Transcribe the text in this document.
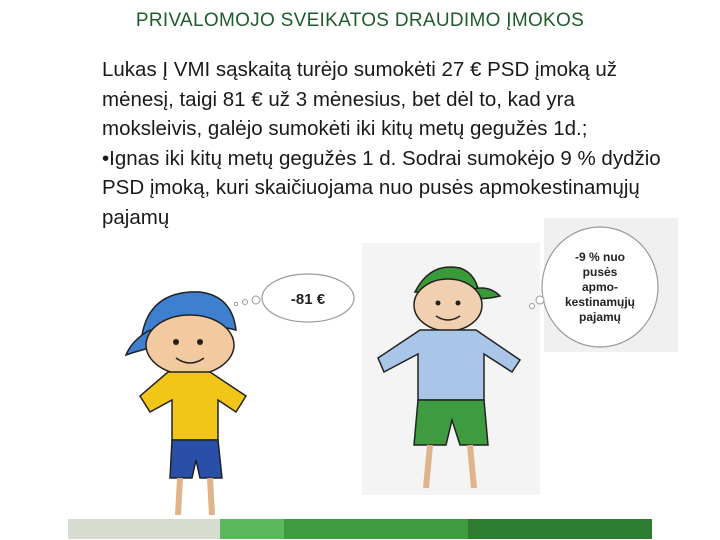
PRIVALOMOJO SVEIKATOS DRAUDIMO ĮMOKOS

Lukas Į VMI sąskaitą turėjo sumokėti 27 € PSD įmoką už mėnesį, taigi 81 € už 3 mėnesius, bet dėl to, kad yra moksleivis, galėjo sumokėti iki kitų metų gegužės 1d.;

•Ignas iki kitų metų gegužės 1 d. Sodrai sumokėjo 9 % dydžio PSD įmoką, kuri skaičiuojama nuo pusės apmokestinamųjų pajamų

-81 €
-9 % nuo
pusės
apmo-
kestinamųjų
pajamų
